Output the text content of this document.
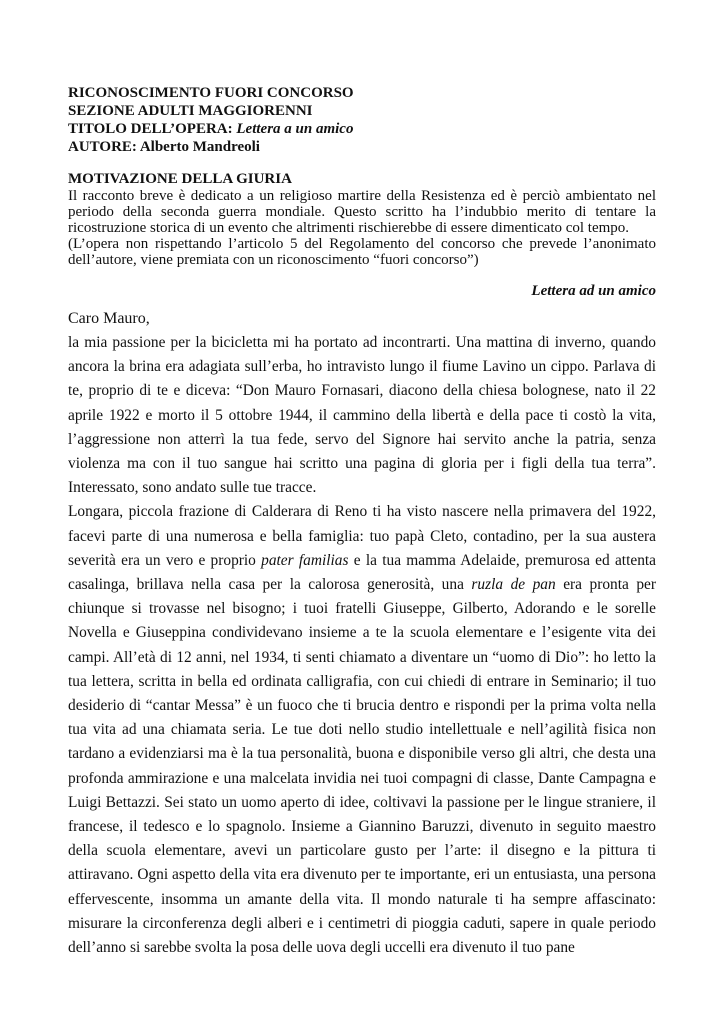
RICONOSCIMENTO FUORI CONCORSO
SEZIONE ADULTI MAGGIORENNI
TITOLO DELL’OPERA: Lettera a un amico
AUTORE: Alberto Mandreoli
MOTIVAZIONE DELLA GIURIA
Il racconto breve è dedicato a un religioso martire della Resistenza ed è perciò ambientato nel periodo della seconda guerra mondiale. Questo scritto ha l’indubbio merito di tentare la ricostruzione storica di un evento che altrimenti rischierebbe di essere dimenticato col tempo.
(L’opera non rispettando l’articolo 5 del Regolamento del concorso che prevede l’anonimato dell’autore, viene premiata con un riconoscimento “fuori concorso”)
Lettera ad un amico
Caro Mauro,
la mia passione per la bicicletta mi ha portato ad incontrarti. Una mattina di inverno, quando ancora la brina era adagiata sull’erba, ho intravisto lungo il fiume Lavino un cippo. Parlava di te, proprio di te e diceva: “Don Mauro Fornasari, diacono della chiesa bolognese, nato il 22 aprile 1922 e morto il 5 ottobre 1944, il cammino della libertà e della pace ti costò la vita, l’aggressione non atterrì la tua fede, servo del Signore hai servito anche la patria, senza violenza ma con il tuo sangue hai scritto una pagina di gloria per i figli della tua terra”. Interessato, sono andato sulle tue tracce.
Longara, piccola frazione di Calderara di Reno ti ha visto nascere nella primavera del 1922, facevi parte di una numerosa e bella famiglia: tuo papà Cleto, contadino, per la sua austera severità era un vero e proprio pater familias e la tua mamma Adelaide, premurosa ed attenta casalinga, brillava nella casa per la calorosa generosità, una ruzla de pan era pronta per chiunque si trovasse nel bisogno; i tuoi fratelli Giuseppe, Gilberto, Adorando e le sorelle Novella e Giuseppina condividevano insieme a te la scuola elementare e l’esigente vita dei campi. All’età di 12 anni, nel 1934, ti senti chiamato a diventare un “uomo di Dio”: ho letto la tua lettera, scritta in bella ed ordinata calligrafia, con cui chiedi di entrare in Seminario; il tuo desiderio di “cantar Messa” è un fuoco che ti brucia dentro e rispondi per la prima volta nella tua vita ad una chiamata seria. Le tue doti nello studio intellettuale e nell’agilità fisica non tardano a evidenziarsi ma è la tua personalità, buona e disponibile verso gli altri, che desta una profonda ammirazione e una malcelata invidia nei tuoi compagni di classe, Dante Campagna e Luigi Bettazzi. Sei stato un uomo aperto di idee, coltivavi la passione per le lingue straniere, il francese, il tedesco e lo spagnolo. Insieme a Giannino Baruzzi, divenuto in seguito maestro della scuola elementare, avevi un particolare gusto per l’arte: il disegno e la pittura ti attiravano. Ogni aspetto della vita era divenuto per te importante, eri un entusiasta, una persona effervescente, insomma un amante della vita. Il mondo naturale ti ha sempre affascinato: misurare la circonferenza degli alberi e i centimetri di pioggia caduti, sapere in quale periodo dell’anno si sarebbe svolta la posa delle uova degli uccelli era divenuto il tuo pane
